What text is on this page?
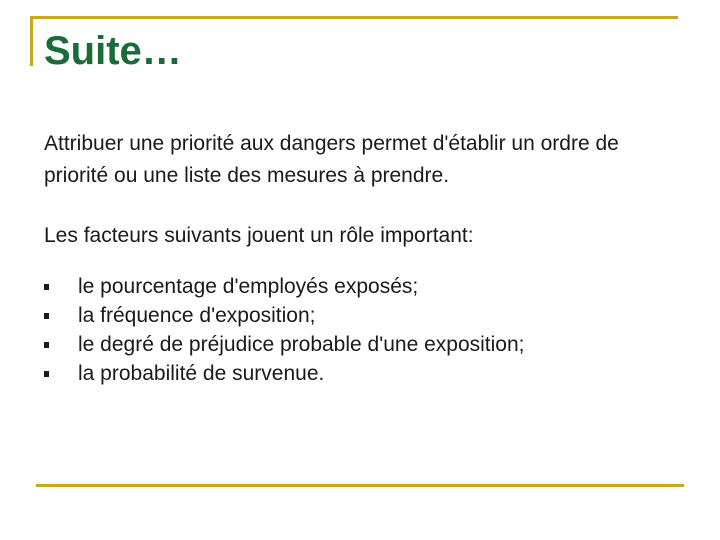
Suite…

Attribuer une priorité aux dangers permet d'établir un ordre de priorité ou une liste des mesures à prendre.

Les facteurs suivants jouent un rôle important:

le pourcentage d'employés exposés;
la fréquence d'exposition;
le degré de préjudice probable d'une exposition;
la probabilité de survenue.
